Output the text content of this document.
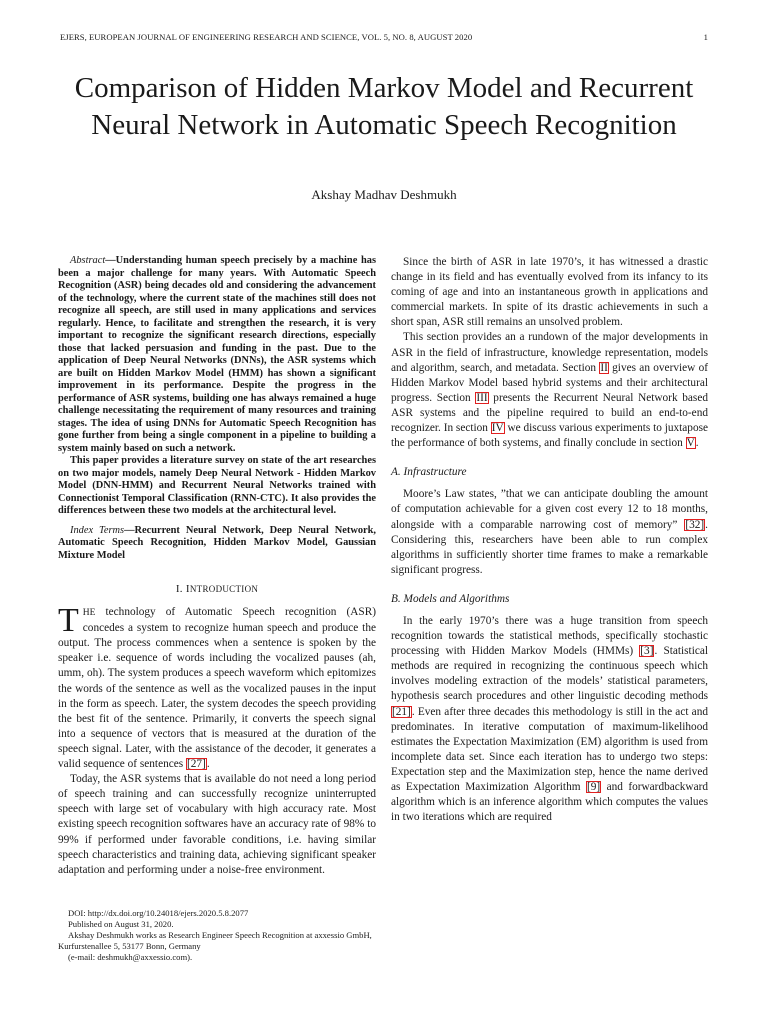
EJERS, EUROPEAN JOURNAL OF ENGINEERING RESEARCH AND SCIENCE, VOL. 5, NO. 8, AUGUST 2020	1
Comparison of Hidden Markov Model and Recurrent Neural Network in Automatic Speech Recognition
Akshay Madhav Deshmukh

Abstract—Understanding human speech precisely by a machine has been a major challenge for many years. With Automatic Speech Recognition (ASR) being decades old and considering the advancement of the technology, where the current state of the machines still does not recognize all speech, are still used in many applications and services regularly. Hence, to facilitate and strengthen the research, it is very important to recognize the significant research directions, especially those that lacked persuasion and funding in the past. Due to the application of Deep Neural Networks (DNNs), the ASR systems which are built on Hidden Markov Model (HMM) has shown a significant improvement in its performance. Despite the progress in the performance of ASR systems, building one has always remained a huge challenge necessitating the requirement of many resources and training stages. The idea of using DNNs for Automatic Speech Recognition has gone further from being a single component in a pipeline to building a system mainly based on such a network.

This paper provides a literature survey on state of the art researches on two major models, namely Deep Neural Network - Hidden Markov Model (DNN-HMM) and Recurrent Neural Networks trained with Connectionist Temporal Classification (RNN-CTC). It also provides the differences between these two models at the architectural level.

Index Terms—Recurrent Neural Network, Deep Neural Network, Automatic Speech Recognition, Hidden Markov Model, Gaussian Mixture Model
I. INTRODUCTION

THE technology of Automatic Speech recognition (ASR) concedes a system to recognize human speech and produce the output. The process commences when a sentence is spoken by the speaker i.e. sequence of words including the vocalized pauses (ah, umm, oh). The system produces a speech waveform which epitomizes the words of the sentence as well as the vocalized pauses in the input in the form as speech. Later, the system decodes the speech providing the best fit of the sentence. Primarily, it converts the speech signal into a sequence of vectors that is measured at the duration of the speech signal. Later, with the assistance of the decoder, it generates a valid sequence of sentences [27].

Today, the ASR systems that is available do not need a long period of speech training and can successfully recognize uninterrupted speech with large set of vocabulary with high accuracy rate. Most existing speech recognition softwares have an accuracy rate of 98% to 99% if performed under favorable conditions, i.e. having similar speech characteristics and training data, achieving significant speaker adaptation and performing under a noise-free environment.

Since the birth of ASR in late 1970’s, it has witnessed a drastic change in its field and has eventually evolved from its infancy to its coming of age and into an instantaneous growth in applications and commercial markets. In spite of its drastic achievements in such a short span, ASR still remains an unsolved problem.

This section provides an a rundown of the major developments in ASR in the field of infrastructure, knowledge representation, models and algorithm, search, and metadata. Section II gives an overview of Hidden Markov Model based hybrid systems and their architectural progress. Section III presents the Recurrent Neural Network based ASR systems and the pipeline required to build an end-to-end recognizer. In section IV we discuss various experiments to juxtapose the performance of both systems, and finally conclude in section V.

A. Infrastructure

Moore’s Law states, ”that we can anticipate doubling the amount of computation achievable for a given cost every 12 to 18 months, alongside with a comparable narrowing cost of memory” [32]. Considering this, researchers have been able to run complex algorithms in sufficiently shorter time frames to make a remarkable significant progress.

B. Models and Algorithms

In the early 1970’s there was a huge transition from speech recognition towards the statistical methods, specifically stochastic processing with Hidden Markov Models (HMMs) [3]. Statistical methods are required in recognizing the continuous speech which involves modeling extraction of the models’ statistical parameters, hypothesis search procedures and other linguistic decoding methods [21]. Even after three decades this methodology is still in the act and predominates. In iterative computation of maximum-likelihood estimates the Expectation Maximization (EM) algorithm is used from incomplete data set. Since each iteration has to undergo two steps: Expectation step and the Maximization step, hence the name derived as Expectation Maximization Algorithm [9] and forwardbackward algorithm which is an inference algorithm which computes the values in two iterations which are required

DOI: http://dx.doi.org/10.24018/ejers.2020.5.8.2077
Published on August 31, 2020.
Akshay Deshmukh works as Research Engineer Speech Recognition at axxessio GmbH, Kurfurstenallee 5, 53177 Bonn, Germany
(e-mail: deshmukh@axxessio.com).
